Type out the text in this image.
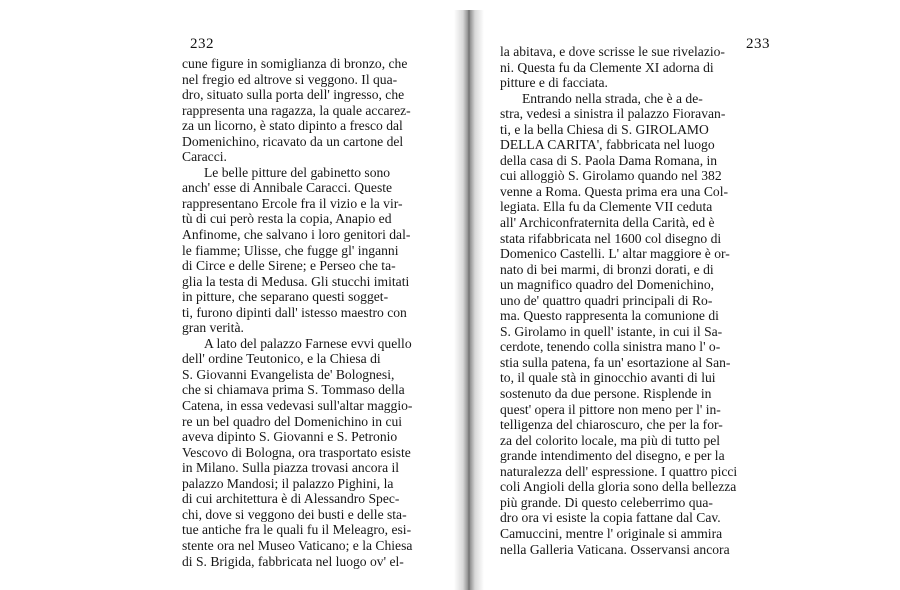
232
cune figure in somiglianza di bronzo, che
nel fregio ed altrove si veggono. Il qua-
dro, situato sulla porta dell' ingresso, che
rappresenta una ragazza, la quale accarez-
za un licorno, è stato dipinto a fresco dal
Domenichino, ricavato da un cartone del
Caracci.
Le belle pitture del gabinetto sono
anch' esse di Annibale Caracci. Queste
rappresentano Ercole fra il vizio e la vir-
tù di cui però resta la copia, Anapio ed
Anfinome, che salvano i loro genitori dal-
le fiamme; Ulisse, che fugge gl' inganni
di Circe e delle Sirene; e Perseo che ta-
glia la testa di Medusa. Gli stucchi imitati
in pitture, che separano questi sogget-
ti, furono dipinti dall' istesso maestro con
gran verità.
A lato del palazzo Farnese evvi quello
dell' ordine Teutonico, e la Chiesa di
S. Giovanni Evangelista de' Bolognesi,
che si chiamava prima S. Tommaso della
Catena, in essa vedevasi sull'altar maggio-
re un bel quadro del Domenichino in cui
aveva dipinto S. Giovanni e S. Petronio
Vescovo di Bologna, ora trasportato esiste
in Milano. Sulla piazza trovasi ancora il
palazzo Mandosi; il palazzo Pighini, la
di cui architettura è di Alessandro Spec-
chi, dove si veggono dei busti e delle sta-
tue antiche fra le quali fu il Meleagro, esi-
stente ora nel Museo Vaticano; e la Chiesa
di S. Brigida, fabbricata nel luogo ov' el-
233
la abitava, e dove scrisse le sue rivelazio-
ni. Questa fu da Clemente XI adorna di
pitture e di facciata.
Entrando nella strada, che è a de-
stra, vedesi a sinistra il palazzo Fioravan-
ti, e la bella Chiesa di S. GIROLAMO
DELLA CARITA', fabbricata nel luogo
della casa di S. Paola Dama Romana, in
cui alloggiò S. Girolamo quando nel 382
venne a Roma. Questa prima era una Col-
legiata. Ella fu da Clemente VII ceduta
all' Archiconfraternita della Carità, ed è
stata rifabbricata nel 1600 col disegno di
Domenico Castelli. L' altar maggiore è or-
nato di bei marmi, di bronzi dorati, e di
un magnifico quadro del Domenichino,
uno de' quattro quadri principali di Ro-
ma. Questo rappresenta la comunione di
S. Girolamo in quell' istante, in cui il Sa-
cerdote, tenendo colla sinistra mano l' o-
stia sulla patena, fa un' esortazione al San-
to, il quale stà in ginocchio avanti di lui
sostenuto da due persone. Risplende in
quest' opera il pittore non meno per l' in-
telligenza del chiaroscuro, che per la for-
za del colorito locale, ma più di tutto pel
grande intendimento del disegno, e per la
naturalezza dell' espressione. I quattro picci
coli Angioli della gloria sono della bellezza
più grande. Di questo celeberrimo qua-
dro ora vi esiste la copia fattane dal Cav.
Camuccini, mentre l' originale si ammira
nella Galleria Vaticana. Osservansi ancora
